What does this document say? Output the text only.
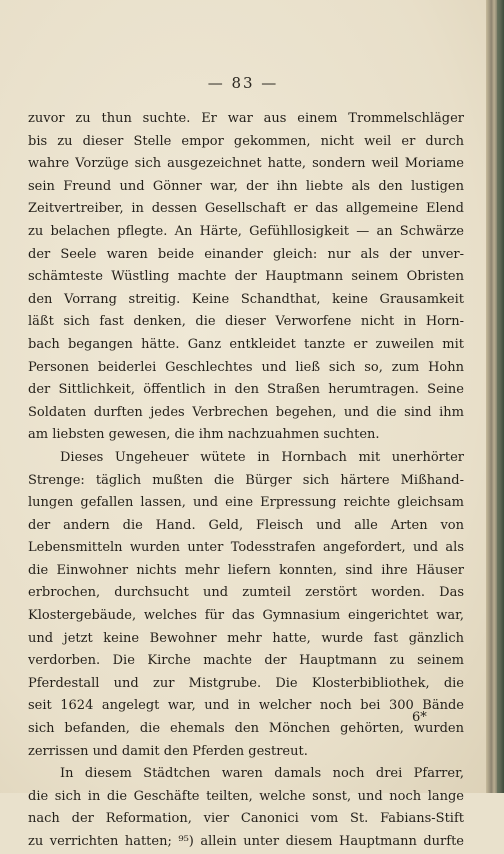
— 83 —
zuvor zu thun suchte. Er war aus einem Trommelschläger
bis zu dieser Stelle empor gekommen, nicht weil er durch
wahre Vorzüge sich ausgezeichnet hatte, sondern weil Moriame
sein Freund und Gönner war, der ihn liebte als den lustigen
Zeitvertreiber, in dessen Gesellschaft er das allgemeine Elend
zu belachen pflegte. An Härte, Gefühllosigkeit — an Schwärze
der Seele waren beide einander gleich: nur als der unver-
schämteste Wüstling machte der Hauptmann seinem Obristen
den Vorrang streitig. Keine Schandthat, keine Grausamkeit
läßt sich fast denken, die dieser Verworfene nicht in Horn-
bach begangen hätte. Ganz entkleidet tanzte er zuweilen mit
Personen beiderlei Geschlechtes und ließ sich so, zum Hohn
der Sittlichkeit, öffentlich in den Straßen herumtragen. Seine
Soldaten durften jedes Verbrechen begehen, und die sind ihm
am liebsten gewesen, die ihm nachzuahmen suchten.
Dieses Ungeheuer wütete in Hornbach mit unerhörter
Strenge: täglich mußten die Bürger sich härtere Mißhand-
lungen gefallen lassen, und eine Erpressung reichte gleichsam
der andern die Hand. Geld, Fleisch und alle Arten von
Lebensmitteln wurden unter Todesstrafen angefordert, und als
die Einwohner nichts mehr liefern konnten, sind ihre Häuser
erbrochen, durchsucht und zumteil zerstört worden. Das
Klostergebäude, welches für das Gymnasium eingerichtet war,
und jetzt keine Bewohner mehr hatte, wurde fast gänzlich
verdorben. Die Kirche machte der Hauptmann zu seinem
Pferdestall und zur Mistgrube. Die Klosterbibliothek, die
seit 1624 angelegt war, und in welcher noch bei 300 Bände
sich befanden, die ehemals den Mönchen gehörten, wurden
zerrissen und damit den Pferden gestreut.
In diesem Städtchen waren damals noch drei Pfarrer,
die sich in die Geschäfte teilten, welche sonst, und noch lange
nach der Reformation, vier Canonici vom St. Fabians-Stift
zu verrichten hatten; ⁹⁵) allein unter diesem Hauptmann durfte
6*
